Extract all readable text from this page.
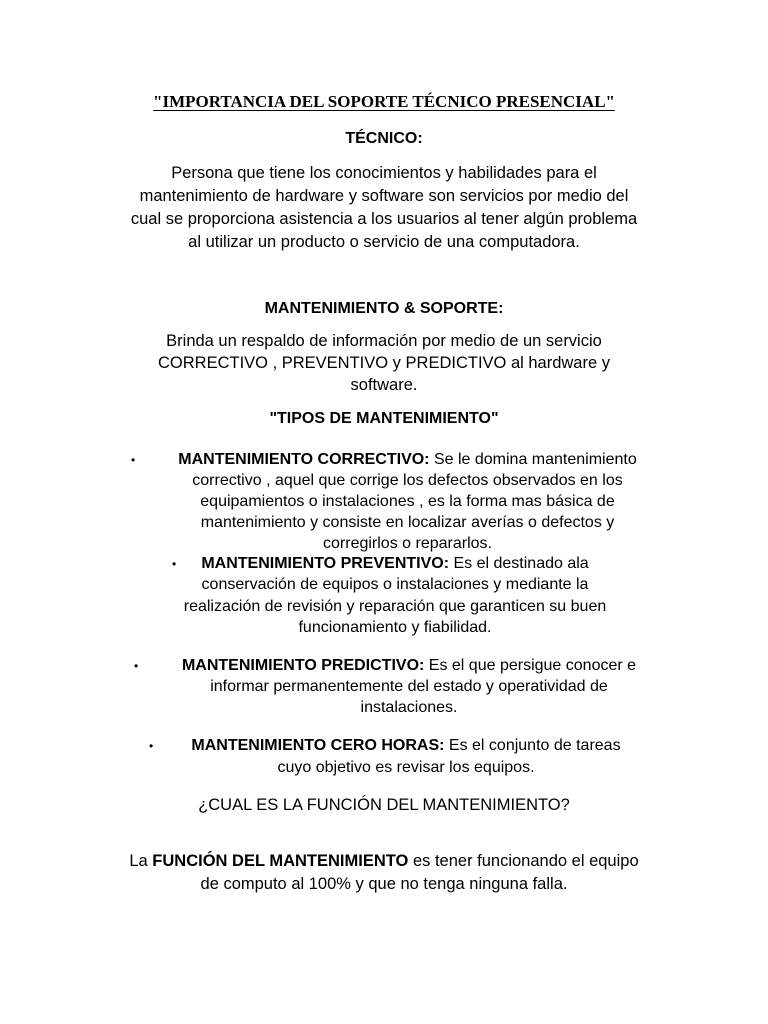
"IMPORTANCIA DEL SOPORTE TÉCNICO PRESENCIAL"
TÉCNICO:
Persona que tiene los conocimientos y habilidades para el
mantenimiento de hardware y software son servicios por medio del
cual se proporciona asistencia a los usuarios al tener algún problema
al utilizar un producto o servicio de una computadora.
MANTENIMIENTO & SOPORTE:
Brinda un respaldo de información por medio de un servicio
CORRECTIVO , PREVENTIVO y PREDICTIVO al hardware y
software.
"TIPOS DE MANTENIMIENTO"
•	MANTENIMIENTO CORRECTIVO: Se le domina mantenimiento
correctivo , aquel que corrige los defectos observados en los
equipamientos o instalaciones , es la forma mas básica de
mantenimiento y consiste en localizar averías o defectos y
corregirlos o repararlos.
•	MANTENIMIENTO PREVENTIVO: Es el destinado ala
conservación de equipos o instalaciones y mediante la
realización de revisión y reparación que garanticen su buen
funcionamiento y fiabilidad.
•	MANTENIMIENTO PREDICTIVO: Es el que persigue conocer e
informar permanentemente del estado y operatividad de
instalaciones.
•	MANTENIMIENTO CERO HORAS: Es el conjunto de tareas
cuyo objetivo es revisar los equipos.
¿CUAL ES LA FUNCIÓN DEL MANTENIMIENTO?
La FUNCIÓN DEL MANTENIMIENTO es tener funcionando el equipo
de computo al 100% y que no tenga ninguna falla.
